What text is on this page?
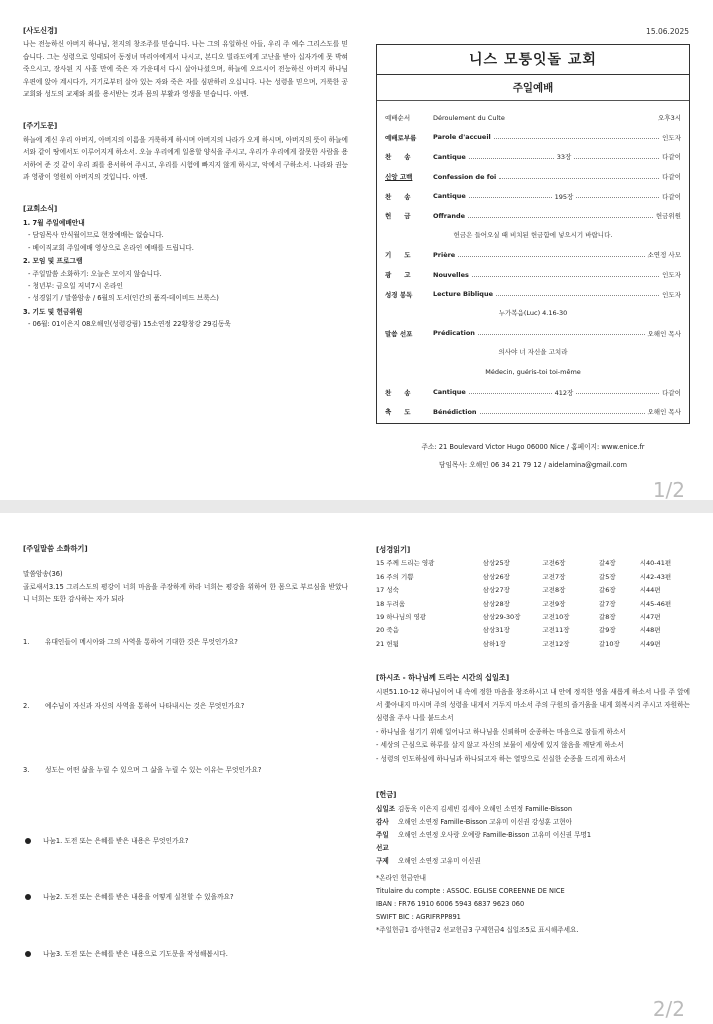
15.06.2025
[사도신경]
나는 전능하신 아버지 하나님, 천지의 창조주를 믿습니다. 나는 그의 유일하신 아들, 우리 주 예수 그리스도를 믿습니다. 그는 성령으로 잉태되어 동정녀 마리아에게서 나시고, 본디오 빌라도에게 고난을 받아 십자가에 못 박혀 죽으시고, 장사된 지 사흘 만에 죽은 자 가운데서 다시 살아나셨으며, 하늘에 오르시어 전능하신 아버지 하나님 우편에 앉아 계시다가, 거기로부터 살아 있는 자와 죽은 자를 심판하러 오십니다. 나는 성령을 믿으며, 거룩한 공교회와 성도의 교제와 죄를 용서받는 것과 몸의 부활과 영생을 믿습니다. 아멘.
[주기도문]
하늘에 계신 우리 아버지, 아버지의 이름을 거룩하게 하시며 아버지의 나라가 오게 하시며, 아버지의 뜻이 하늘에서와 같이 땅에서도 이루어지게 하소서. 오늘 우리에게 일용할 양식을 주시고, 우리가 우리에게 잘못한 사람을 용서하여 준 것 같이 우리 죄를 용서하여 주시고, 우리를 시험에 빠지지 않게 하시고, 악에서 구하소서. 나라와 권능과 영광이 영원히 아버지의 것입니다. 아멘.
[교회소식]
1. 7월 주일예배안내
- 담임목사 안식월이므로 현장예배는 없습니다.
- 베이직교회 주일예배 영상으로 온라인 예배를 드립니다.
2. 모임 및 프로그램
- 주일말씀 소화하기: 오늘은 모이지 않습니다.
- 청년부: 금요일 저녁7시 온라인
- 성경읽기 / 말씀암송 / 6월의 도서(인간의 품격-데이비드 브룩스)
3. 기도 및 헌금위원
- 06월: 01이은지 08오해인(성령강림) 15소연정 22황창강 29김동욱
니스 모퉁잇돌 교회
주일예배
예배순서	Déroulement du Culte	오후3시
예배로부름	Parole d'accueil	인도자
찬　　송	Cantique	33장	다같이
신앙 고백	Confession de foi	다같이
찬　　송	Cantique	195장	다같이
헌　　금	Offrande	헌금위원
헌금은 들어오실 때 비치된 헌금함에 넣으시기 바랍니다.
기　　도	Prière	소연정 사모
광　　고	Nouvelles	인도자
성경 봉독	Lecture Biblique	인도자
누가복음(Luc) 4.16-30
말씀 선포	Prédication	오해인 목사
의사야 너 자신을 고치라
Médecin, guéris-toi toi-même
찬　　송	Cantique	412장	다같이
축　　도	Bénédiction	오해인 목사
주소: 21 Boulevard Victor Hugo 06000 Nice / 홈페이지: www.enice.fr
담임목사: 오해인 06 34 21 79 12 / aidelamina@gmail.com
1/2
[주일말씀 소화하기]
말씀암송(36)
골로새서3.15 그리스도의 평강이 너희 마음을 주장하게 하라 너희는 평강을 위하여 한 몸으로 부르심을 받았나니 너희는 또한 감사하는 자가 되라
1.	유대인들이 메시아와 그의 사역을 통하여 기대한 것은 무엇인가요?
2.	예수님이 자신과 자신의 사역을 통하여 나타내시는 것은 무엇인가요?
3.	성도는 어떤 삶을 누릴 수 있으며 그 삶을 누릴 수 있는 이유는 무엇인가요?
나눔1. 도전 또는 은혜를 받은 내용은 무엇인가요?
나눔2. 도전 또는 은혜를 받은 내용을 어떻게 실천할 수 있을까요?
나눔3. 도전 또는 은혜를 받은 내용으로 기도문을 작성해봅시다.
[성경읽기]
15 주께 드리는 영광	삼상25장	고전6장	갈4장	시40-41편
16 주의 기쁨	삼상26장	고전7장	갈5장	시42-43편
17 성숙	삼상27장	고전8장	갈6장	시44편
18 두려움	삼상28장	고전9장	갈7장	시45-46편
19 하나님의 영광	삼상29-30장	고전10장	갈8장	시47편
20 죽음	삼상31장	고전11장	갈9장	시48편
21 헌됨	삼하1장	고전12장	갈10장	시49편
[하시조 - 하나님께 드리는 시간의 십일조]
시편51.10-12 하나님이여 내 속에 정한 마음을 창조하시고 내 안에 정직한 영을 새롭게 하소서 나를 주 앞에서 쫓아내지 마시며 주의 성령을 내게서 거두지 마소서 주의 구원의 즐거움을 내게 회복시켜 주시고 자원하는 심령을 주사 나를 붙드소서
- 하나님을 섬기기 위해 일어나고 하나님을 신뢰하며 순종하는 마음으로 잠들게 하소서
- 세상의 근심으로 하루를 살지 않고 자신의 보물이 세상에 있지 않음을 깨닫게 하소서
- 성령의 인도하심에 하나님과 하나되고자 하는 열망으로 신실한 순종을 드리게 하소서
[헌금]
십일조 김동욱 이은지 김세빈 김세아 오해인 소연정 Famille-Bisson
감사 오해인 소연정 Famille-Bisson 고유미 이신권 강성훈 고현아
주일 오해인 소연정 오사랑 오예랑 Famille-Bisson 고유미 이신권 무명1
선교
구제 오해인 소연정 고유미 이신권
*온라인 헌금안내
Titulaire du compte : ASSOC. EGLISE COREENNE DE NICE
IBAN : FR76 1910 6006 5943 6837 9623 060
SWIFT BIC : AGRIFRPP891
*주일헌금1 감사헌금2 선교헌금3 구제헌금4 십일조5로 표시해주세요.
2/2
